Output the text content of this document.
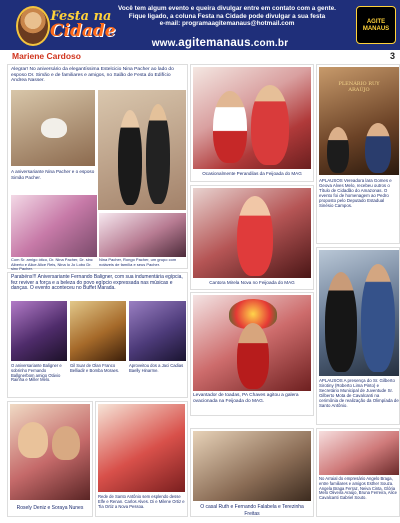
Festa na
Cidade
Você tem algum evento e queira divulgar entre em contato com a gente.
Fique ligado, a coluna Festa na Cidade pode divulgar a sua festa
e-mail: programaagitemanaus@hotmail.com
www.agitemanaus.com.br
AGITE MANAUS
Mariene Cardoso	3
Alegrar! No aniversário da elegantíssima Estelcicio Nina Pacher ao lado do esposo Dr. Simão e de familiares e amigos, no Salão de Festa do Edifício Andrea Nasser.
A aniversariante Nina Pacher e o esposo Simão Pacher.
Com Sr. amigo ótico, Dr. Nina Pacher, Dr. sinc Alberto e Alice Alice Reis, Nina lo Jo Lobo Dr. sinc Pacher.
Nina Pacher, Rongo Pacher, um grupo com notáveis de família e seus Pacher.
Parabéns!!! Aniversariante Fernando Baligner, com sua indumentária egípcia, fez reviver a força e a beleza do povo egípcio expressada nas músicas e danças. O evento aconteceu no Buffet Marada.
O aniversariante Baligner e sobrinho Fernando Ballgnerbom amigo Otávio Rainha e Miller Melo.
Gil Suar de Olan Franco Belliadir e Bomba Moraes.
Aproveitou dos a Jaci Cadias Baelly Hinarme.
Rosely Deniz e Soraya Nunes
Rede de Santo Antônio sem esplendo desse Elfe e Renan. Carlos Alves. Di e Milene Ortiz e Tia Ortiz a Nova Pessoa.
Ocasionalmente Perandilas da Feijoada do MAG
Cantora Mirela Nova no Feijoada do MAG
Levantador de toadas, PA Chaves agitou a galera ovacionada na Feijoada do MAG.
O casal Ruth e Fernando Falabela e Terezinha Freitas
PLENÁRIO RUY ARAÚJO
APLAUSOS Vereadora lara Gomes e Geova Alves Melo, recebeu outros o Título de Cidadão do Amazonas. O evento foi de homenagem ao Pedro proposto pelo Deputado Estadual Sinésio Campos.
APLAUSOS A presença do Sr. Gilberto Sirotiny (Roberto Lima Pinto) e Secretário Municipal de Juventude Sr. Gilberto Mota de Cavalcanti na cerimônia de realização da Olimpíada de Santo Antônio.
No Arraial do empresário Angelo Braga, entre familiares e amigos Esther Souza. Angela Braga Ferraz, Neiva Cinta, Glória Melo Oliveira Araújo, Bruna Ferreira, Alice Cavalcanti Gabriel Souto.
